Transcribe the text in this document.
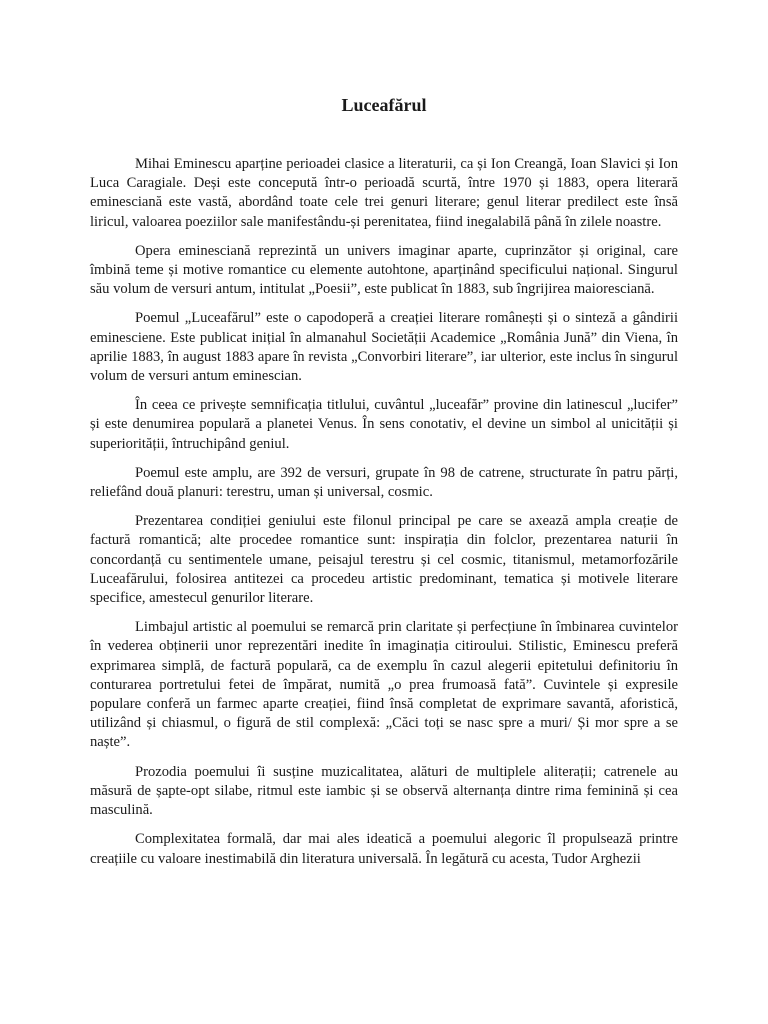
Luceafărul

Mihai Eminescu aparține perioadei clasice a literaturii, ca și Ion Creangă, Ioan Slavici și Ion Luca Caragiale. Deși este concepută într-o perioadă scurtă, între 1970 și 1883, opera literară eminesciană este vastă, abordând toate cele trei genuri literare; genul literar predilect este însă liricul, valoarea poeziilor sale manifestându-și perenitatea, fiind inegalabilă până în zilele noastre.

Opera eminesciană reprezintă un univers imaginar aparte, cuprinzător și original, care îmbină teme și motive romantice cu elemente autohtone, aparținând specificului național. Singurul său volum de versuri antum, intitulat „Poesii”, este publicat în 1883, sub îngrijirea maiorescianā.

Poemul „Luceafărul” este o capodoperă a creației literare românești și o sinteză a gândirii eminesciene. Este publicat inițial în almanahul Societății Academice „România Jună” din Viena, în aprilie 1883, în august 1883 apare în revista „Convorbiri literare”, iar ulterior, este inclus în singurul volum de versuri antum eminescian.

În ceea ce privește semnificația titlului, cuvântul „luceafăr” provine din latinescul „lucifer” și este denumirea populară a planetei Venus. În sens conotativ, el devine un simbol al unicității și superiorității, întruchipând geniul.

Poemul este amplu, are 392 de versuri, grupate în 98 de catrene, structurate în patru părți, reliefând două planuri: terestru, uman și universal, cosmic.

Prezentarea condiției geniului este filonul principal pe care se axează ampla creație de factură romantică; alte procedee romantice sunt: inspirația din folclor, prezentarea naturii în concordanță cu sentimentele umane, peisajul terestru și cel cosmic, titanismul, metamorfozările Luceafărului, folosirea antitezei ca procedeu artistic predominant, tematica și motivele literare specifice, amestecul genurilor literare.

Limbajul artistic al poemului se remarcă prin claritate și perfecțiune în îmbinarea cuvintelor în vederea obținerii unor reprezentări inedite în imaginația citiroului. Stilistic, Eminescu preferă exprimarea simplă, de factură populară, ca de exemplu în cazul alegerii epitetului definitoriu în conturarea portretului fetei de împărat, numită „o prea frumoasă fată”. Cuvintele și expresile populare conferă un farmec aparte creației, fiind însă completat de exprimare savantă, aforistică, utilizând și chiasmul, o figură de stil complexă: „Căci toți se nasc spre a muri/ Și mor spre a se naște”.

Prozodia poemului îi susține muzicalitatea, alături de multiplele aliterații; catrenele au măsură de șapte-opt silabe, ritmul este iambic și se observă alternanța dintre rima feminină și cea masculină.

Complexitatea formală, dar mai ales ideatică a poemului alegoric îl propulsează printre creațiile cu valoare inestimabilă din literatura universală. În legătură cu acesta, Tudor Arghezii
